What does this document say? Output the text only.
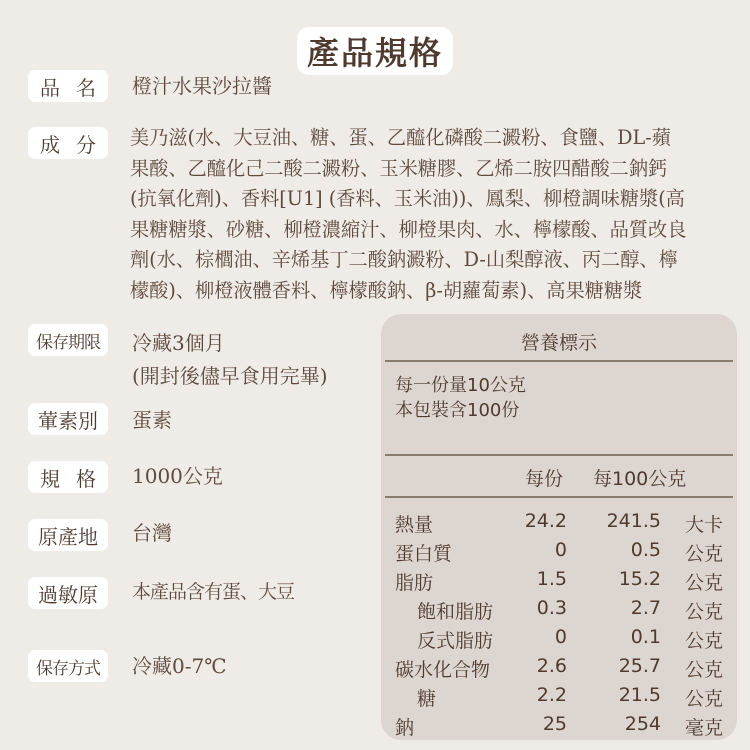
產品規格
品名 橙汁水果沙拉醬
成分 美乃滋(水、大豆油、糖、蛋、乙醯化磷酸二澱粉、食鹽、DL-蘋
果酸、乙醯化己二酸二澱粉、玉米糖膠、乙烯二胺四醋酸二鈉鈣
(抗氧化劑)、香料[U1] (香料、玉米油))、鳳梨、柳橙調味糖漿(高
果糖糖漿、砂糖、柳橙濃縮汁、柳橙果肉、水、檸檬酸、品質改良
劑(水、棕櫚油、辛烯基丁二酸鈉澱粉、D-山梨醇液、丙二醇、檸
檬酸)、柳橙液體香料、檸檬酸鈉、β-胡蘿蔔素)、高果糖糖漿
保存期限	冷藏3個月
(開封後儘早食用完畢)
葷素別	蛋素
規格 1000公克
原產地	台灣
過敏原	本產品含有蛋、大豆
保存方式	冷藏0-7℃
營養標示
每一份量10公克
本包裝含100份
每份 每100公克
熱量	24.2 241.5 大卡
蛋白質	0	0.5 公克
脂肪	1.5	15.2 公克
飽和脂肪 0.3	2.7 公克
反式脂肪	0	0.1 公克
碳水化合物 2.6	25.7 公克
糖	2.2	21.5 公克
鈉	25	254 毫克
